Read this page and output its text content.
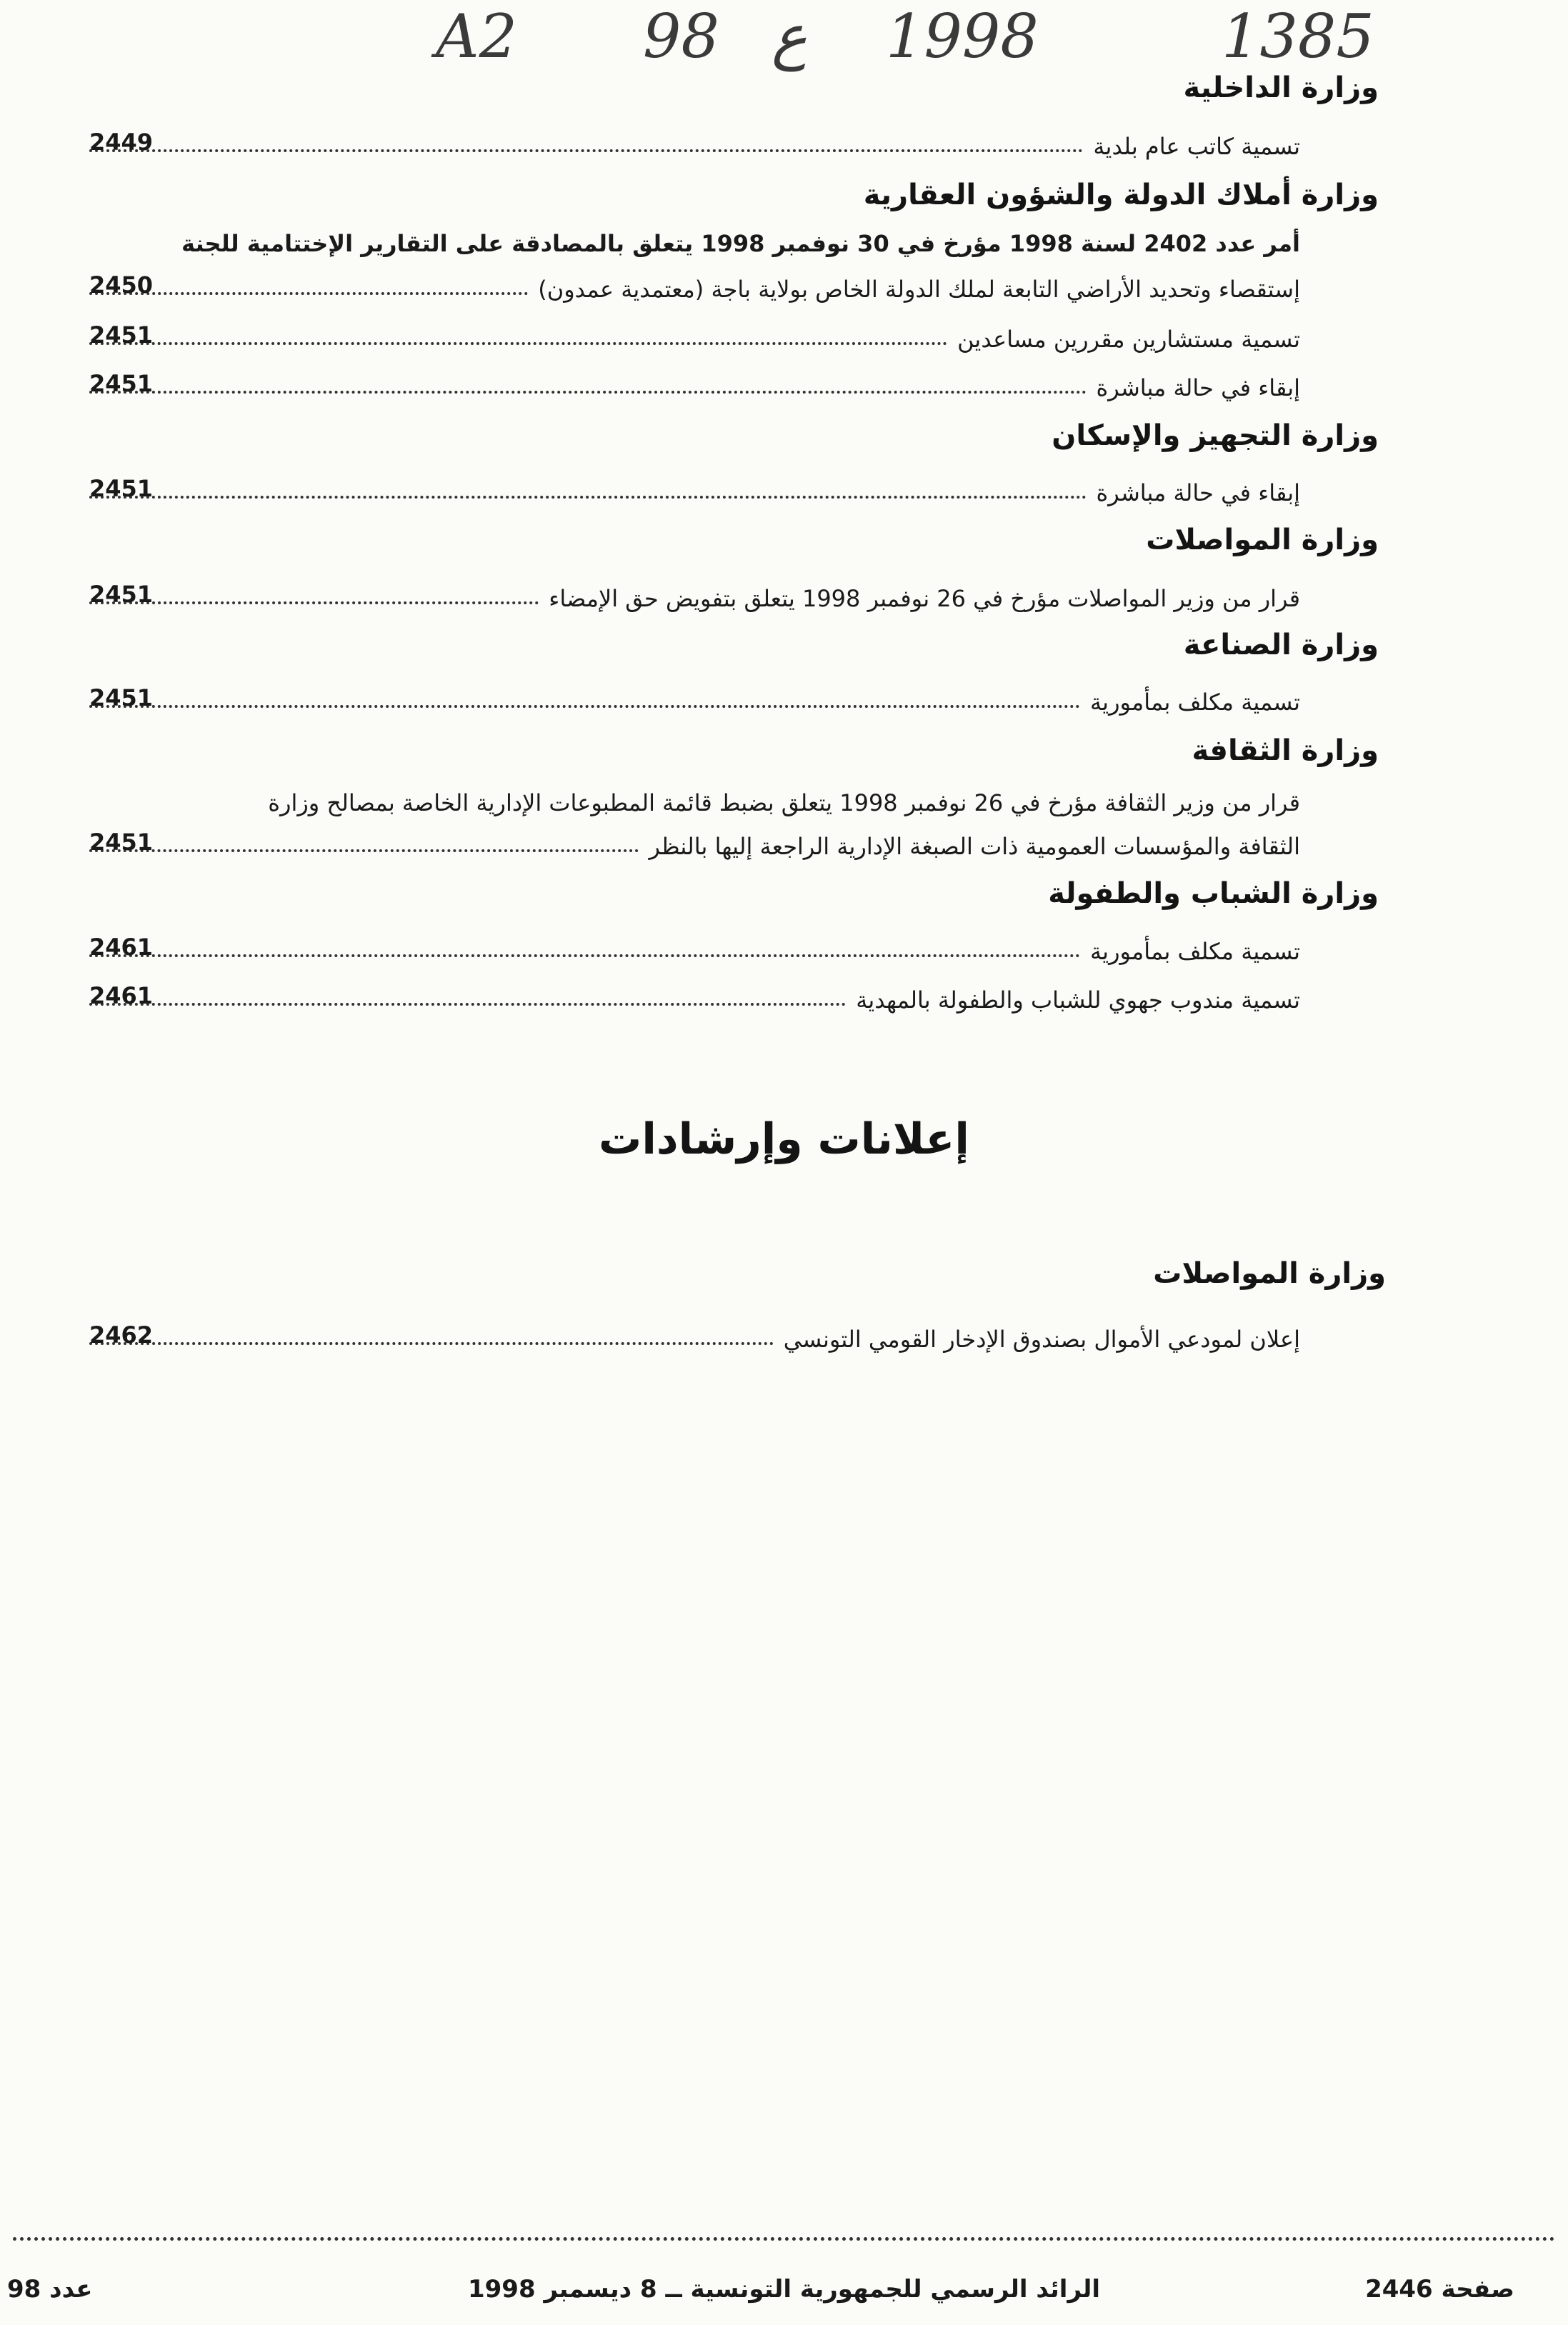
A2 98 ع 1998	1385
وزارة الداخلية
تسمية كاتب عام بلدية
2449
وزارة أملاك الدولة والشؤون العقارية
أمر عدد 2402 لسنة 1998 مؤرخ في 30 نوفمبر 1998 يتعلق بالمصادقة على التقارير الإختتامية للجنة
إستقصاء وتحديد الأراضي التابعة لملك الدولة الخاص بولاية باجة (معتمدية عمدون)
2450
تسمية مستشارين مقررين مساعدين
2451
إبقاء في حالة مباشرة
2451
وزارة التجهيز والإسكان
إبقاء في حالة مباشرة
2451
وزارة المواصلات
قرار من وزير المواصلات مؤرخ في 26 نوفمبر 1998 يتعلق بتفويض حق الإمضاء
2451
وزارة الصناعة
تسمية مكلف بمأمورية
2451
وزارة الثقافة
قرار من وزير الثقافة مؤرخ في 26 نوفمبر 1998 يتعلق بضبط قائمة المطبوعات الإدارية الخاصة بمصالح وزارة
الثقافة والمؤسسات العمومية ذات الصبغة الإدارية الراجعة إليها بالنظر
2451
وزارة الشباب والطفولة
تسمية مكلف بمأمورية
2461
تسمية مندوب جهوي للشباب والطفولة بالمهدية
2461
إعلانات وإرشادات
وزارة المواصلات
إعلان لمودعي الأموال بصندوق الإدخار القومي التونسي
2462
صفحة 2446
الرائد الرسمي للجمهورية التونسية ــ 8 ديسمبر 1998
عدد 98
